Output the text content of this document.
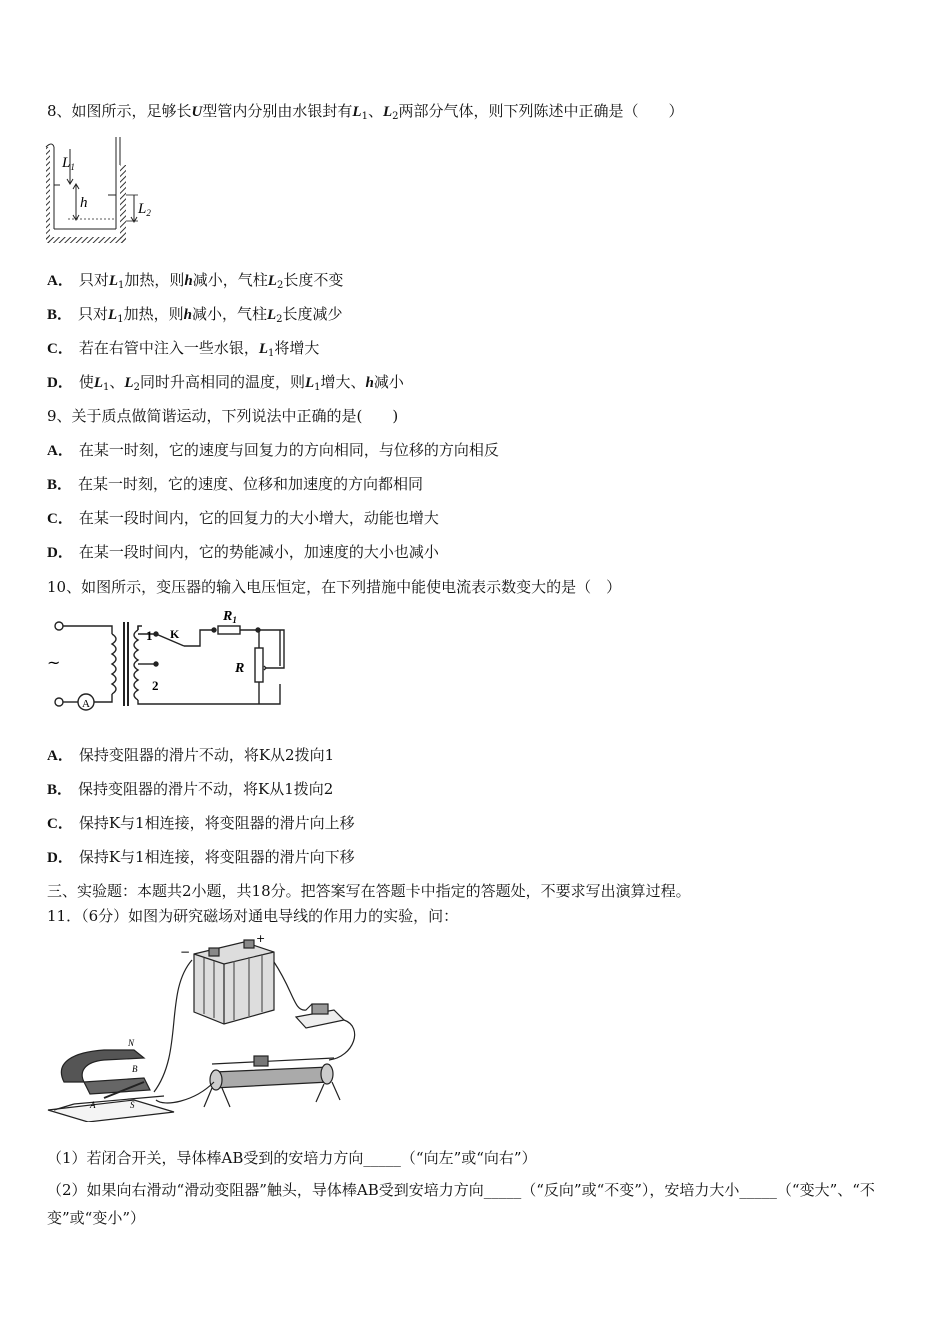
8、如图所示，足够长U型管内分别由水银封有$L_1$、$L_2$两部分气体，则下列陈述中正确是（　　）
$L_1$
h	$L_2$
A． 只对$L_1$加热，则h减小，气柱$L_2$长度不变
B． 只对$L_1$加热，则h减小，气柱$L_2$长度减少
C． 若在右管中注入一些水银，$L_1$将增大
D． 使$L_1$、$L_2$同时升高相同的温度，则$L_1$增大、h减小
9、关于质点做简谐运动，下列说法中正确的是(　　)
A． 在某一时刻，它的速度与回复力的方向相同，与位移的方向相反
B． 在某一时刻，它的速度、位移和加速度的方向都相同
C． 在某一段时间内，它的回复力的大小增大，动能也增大
D． 在某一段时间内，它的势能减小，加速度的大小也减小
10、如图所示，变压器的输入电压恒定，在下列措施中能使电流表示数变大的是（　）
~
A
1 K
2
$R_1$
R
A． 保持变阻器的滑片不动，将K从2拨向1
B． 保持变阻器的滑片不动，将K从1拨向2
C． 保持K与1相连接，将变阻器的滑片向上移
D． 保持K与1相连接，将变阻器的滑片向下移
三、实验题：本题共2小题，共18分。把答案写在答题卡中指定的答题处，不要求写出演算过程。
11．（6分）如图为研究磁场对通电导线的作用力的实验，问：
−
+
N
S
A
B
（1）若闭合开关，导体棒AB受到的安培力方向_____（“向左”或“向右”）
（2）如果向右滑动“滑动变阻器”触头，导体棒AB受到安培力方向_____（“反向”或“不变”），安培力大小_____（“变大”、“不变”或“变小”）
